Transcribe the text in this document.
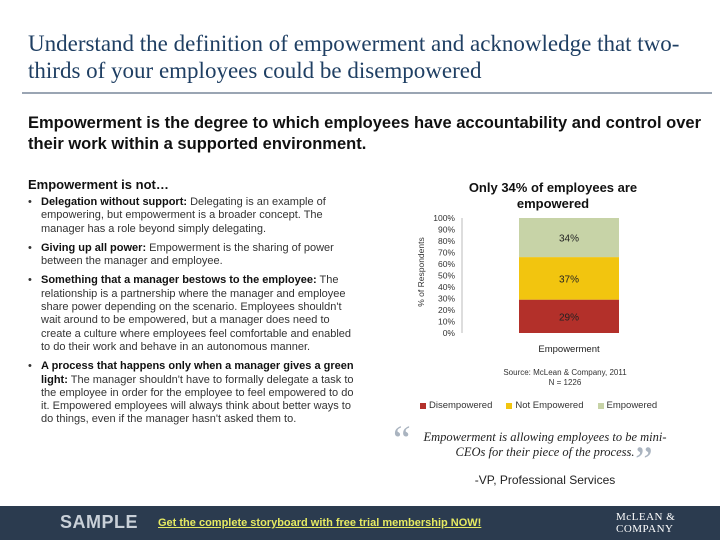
Understand the definition of empowerment and acknowledge that two-thirds of your employees could be disempowered
Empowerment is the degree to which employees have accountability and control over their work within a supported environment.
Empowerment is not…
• Delegation without support: Delegating is an example of empowering, but empowerment is a broader concept. The manager has a role beyond simply delegating.
• Giving up all power: Empowerment is the sharing of power between the manager and employee.
• Something that a manager bestows to the employee: The relationship is a partnership where the manager and employee share power depending on the scenario. Employees shouldn't wait around to be empowered, but a manager does need to create a culture where employees feel comfortable and enabled to do their work and behave in an autonomous manner.
• A process that happens only when a manager gives a green light: The manager shouldn't have to formally delegate a task to the employee in order for the employee to feel empowered to do it. Empowered employees will always think about better ways to do things, even if the manager hasn't asked them to.
Only 34% of employees are empowered
% of Respondents
0%
10%
20%
30%
40%
50%
60%
70%
80%
90%
100%
29%
37%
34%
Empowerment
Source: McLean & Company, 2011
N = 1226
Disempowered Not Empowered Empowered
“	Empowerment is allowing employees to be mini-CEOs for their piece of the process. ”
-VP, Professional Services
SAMPLE Get the complete storyboard with free trial membership NOW!	McLEAN &
COMPANY
